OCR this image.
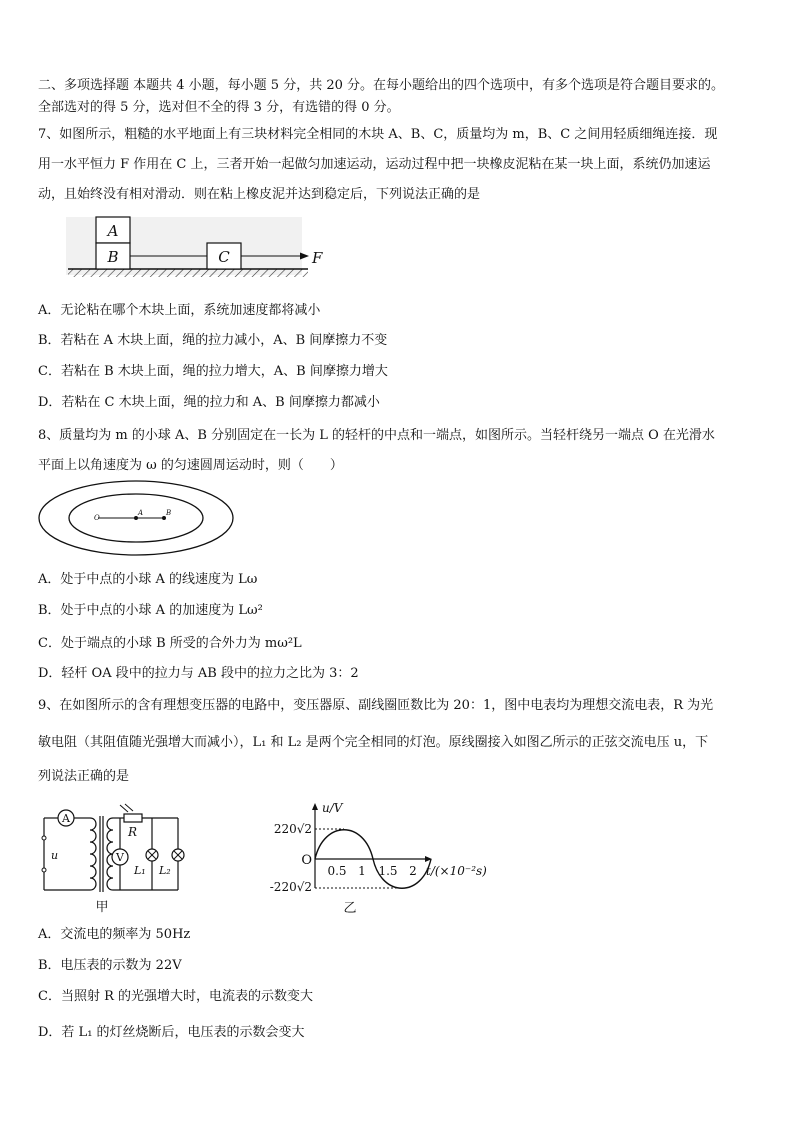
二、多项选择题 本题共 4 小题，每小题 5 分，共 20 分。在每小题给出的四个选项中，有多个选项是符合题目要求的。
全部选对的得 5 分，选对但不全的得 3 分，有选错的得 0 分。
7、如图所示，粗糙的水平地面上有三块材料完全相同的木块 A、B、C，质量均为 m，B、C 之间用轻质细绳连接．现
用一水平恒力 F 作用在 C 上，三者开始一起做匀加速运动，运动过程中把一块橡皮泥粘在某一块上面，系统仍加速运
动，且始终没有相对滑动．则在粘上橡皮泥并达到稳定后，下列说法正确的是
A
B	C	F
A．无论粘在哪个木块上面，系统加速度都将减小
B．若粘在 A 木块上面，绳的拉力减小，A、B 间摩擦力不变
C．若粘在 B 木块上面，绳的拉力增大，A、B 间摩擦力增大
D．若粘在 C 木块上面，绳的拉力和 A、B 间摩擦力都减小
8、质量均为 m 的小球 A、B 分别固定在一长为 L 的轻杆的中点和一端点，如图所示。当轻杆绕另一端点 O 在光滑水
平面上以角速度为 ω 的匀速圆周运动时，则（　　）
O
A	B
A．处于中点的小球 A 的线速度为 Lω
B．处于中点的小球 A 的加速度为 Lω²
C．处于端点的小球 B 所受的合外力为 mω²L
D．轻杆 OA 段中的拉力与 AB 段中的拉力之比为 3：2
9、在如图所示的含有理想变压器的电路中，变压器原、副线圈匝数比为 20：1，图中电表均为理想交流电表，R 为光
敏电阻（其阻值随光强增大而减小），L₁ 和 L₂ 是两个完全相同的灯泡。原线圈接入如图乙所示的正弦交流电压 u，下
列说法正确的是
A
u
R
V
L₁ L₂
甲
u/V
220√2
-220√2
O
0.5 1 1.5 2 t/(×10⁻²s)
乙
A．交流电的频率为 50Hz
B．电压表的示数为 22V
C．当照射 R 的光强增大时，电流表的示数变大
D．若 L₁ 的灯丝烧断后，电压表的示数会变大
